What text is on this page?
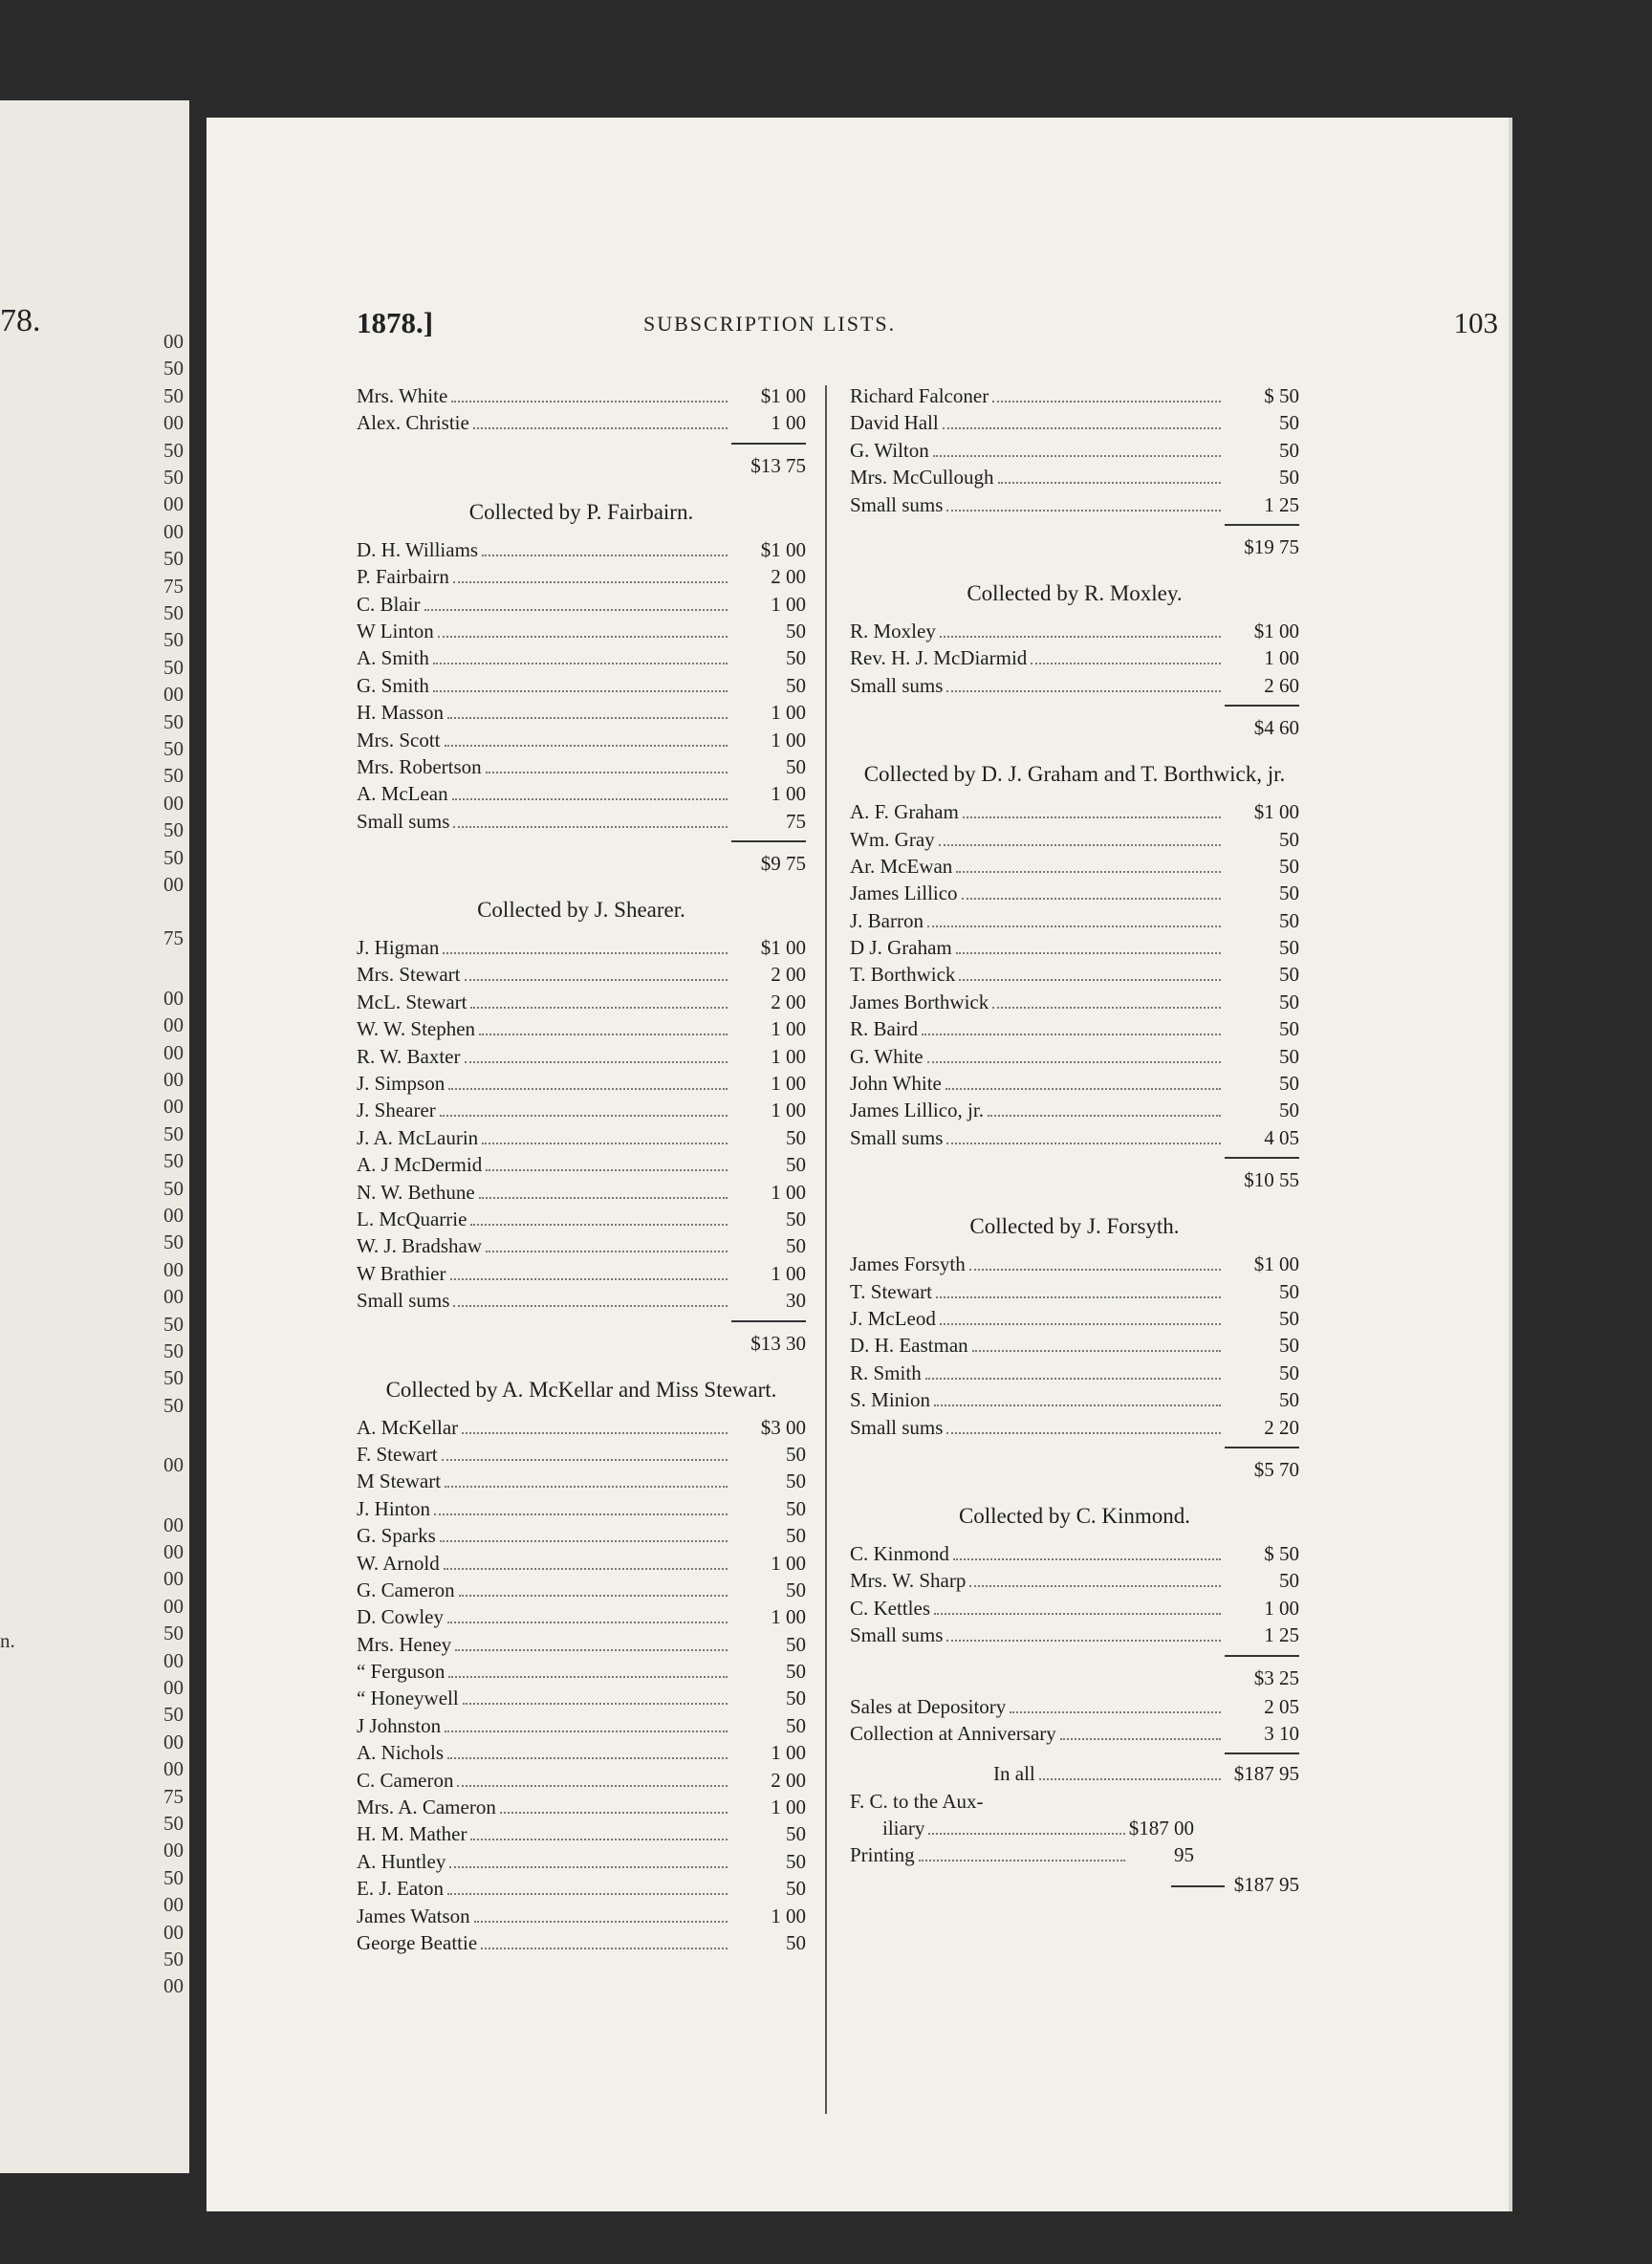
78.
00
50
50
00
50
50
00
00
50
75
50
50
50
00
50
50
50
00
50
50
00
75
00
00
00
00
00
50
50
50
00
50
00
00
50
50
50
50
00
00
00
00
00
50
00
00
50
00
00
75
50
00
50
00
00
50
00
n.
1878.]	SUBSCRIPTION LISTS.	103
Mrs. White	$1 00
Alex. Christie	1 00
$13 75
Collected by P. Fairbairn.
D. H. Williams	$1 00
P. Fairbairn	2 00
C. Blair	1 00
W Linton	50
A. Smith	50
G. Smith	50
H. Masson	1 00
Mrs. Scott	1 00
Mrs. Robertson	50
A. McLean	1 00
Small sums	75
$9 75
Collected by J. Shearer.
J. Higman	$1 00
Mrs. Stewart	2 00
McL. Stewart	2 00
W. W. Stephen	1 00
R. W. Baxter	1 00
J. Simpson	1 00
J. Shearer	1 00
J. A. McLaurin	50
A. J McDermid	50
N. W. Bethune	1 00
L. McQuarrie	50
W. J. Bradshaw	50
W Brathier	1 00
Small sums	30
$13 30
Collected by A. McKellar and Miss Stewart.
A. McKellar	$3 00
F. Stewart	50
M Stewart	50
J. Hinton	50
G. Sparks	50
W. Arnold	1 00
G. Cameron	50
D. Cowley	1 00
Mrs. Heney	50
“ Ferguson	50
“ Honeywell	50
J Johnston	50
A. Nichols	1 00
C. Cameron	2 00
Mrs. A. Cameron	1 00
H. M. Mather	50
A. Huntley	50
E. J. Eaton	50
James Watson	1 00
George Beattie	50
Richard Falconer	$ 50
David Hall	50
G. Wilton	50
Mrs. McCullough	50
Small sums	1 25
$19 75
Collected by R. Moxley.
R. Moxley	$1 00
Rev. H. J. McDiarmid	1 00
Small sums	2 60
$4 60
Collected by D. J. Graham and T. Borthwick, jr.
A. F. Graham	$1 00
Wm. Gray	50
Ar. McEwan	50
James Lillico	50
J. Barron	50
D J. Graham	50
T. Borthwick	50
James Borthwick	50
R. Baird	50
G. White	50
John White	50
James Lillico, jr.	50
Small sums	4 05
$10 55
Collected by J. Forsyth.
James Forsyth	$1 00
T. Stewart	50
J. McLeod	50
D. H. Eastman	50
R. Smith	50
S. Minion	50
Small sums	2 20
$5 70
Collected by C. Kinmond.
C. Kinmond	$ 50
Mrs. W. Sharp	50
C. Kettles	1 00
Small sums	1 25
$3 25
Sales at Depository	2 05
Collection at Anniversary	3 10
In all	$187 95
F. C. to the Aux-
iliary	$187 00
Printing	95
$187 95
